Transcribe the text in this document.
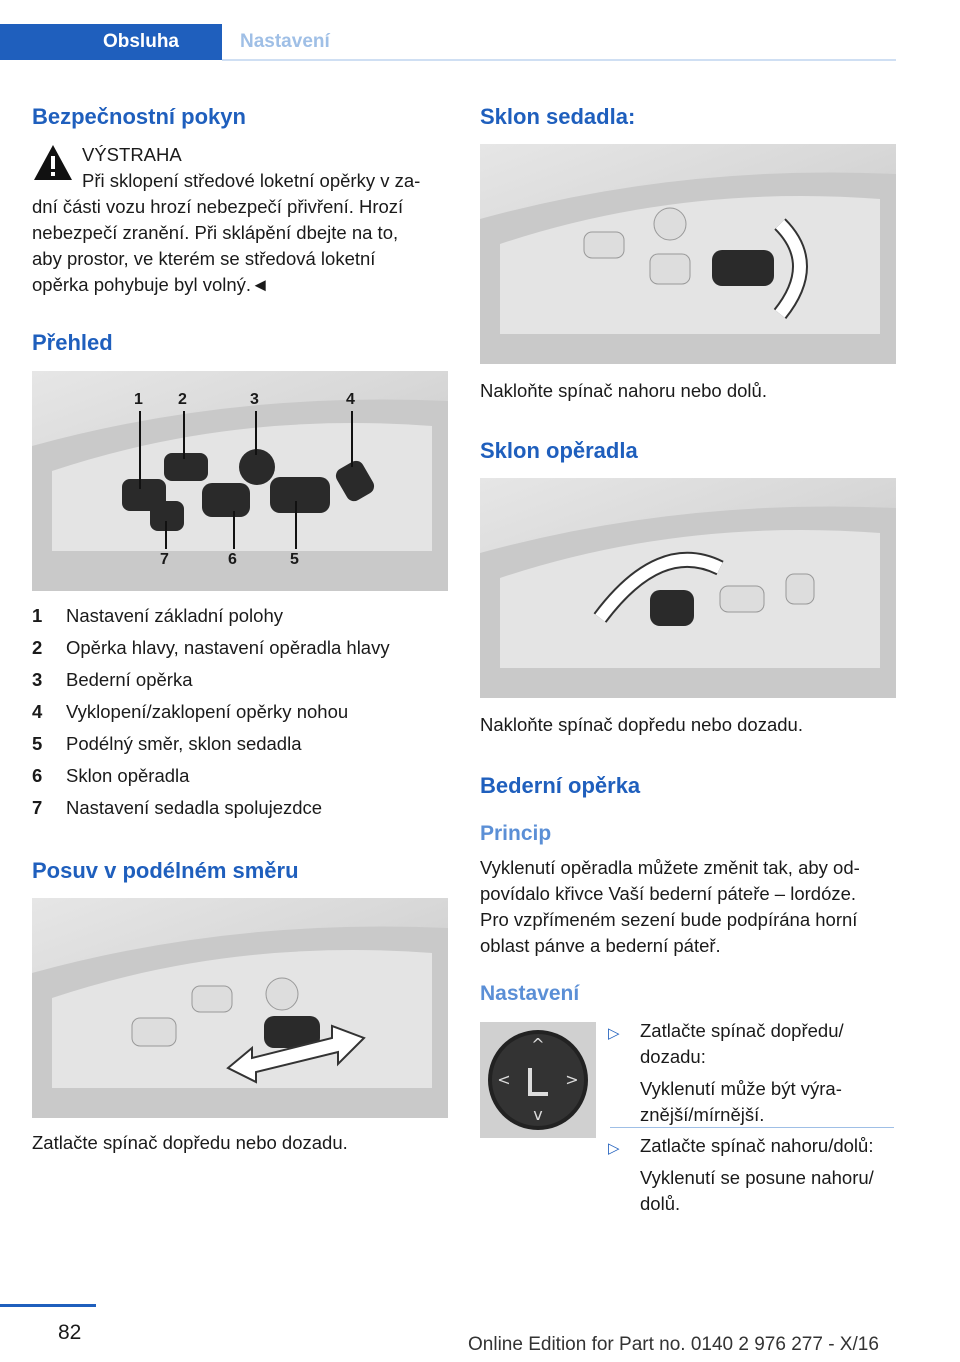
Obsluha	Nastavení
Bezpečnostní pokyn
VÝSTRAHA
Při sklopení středové loketní opěrky v za-
dní části vozu hrozí nebezpečí přivření. Hrozí
nebezpečí zranění. Při sklápění dbejte na to,
aby prostor, ve kterém se středová loketní
opěrka pohybuje byl volný.◄
Přehled
1 2	3	4
5
6
7
1 Nastavení základní polohy
2 Opěrka hlavy, nastavení opěradla hlavy
3 Bederní opěrka
4 Vyklopení/zaklopení opěrky nohou
5 Podélný směr, sklon sedadla
6 Sklon opěradla
7 Nastavení sedadla spolujezdce
Posuv v podélném směru
Zatlačte spínač dopředu nebo dozadu.
Sklon sedadla:
Nakloňte spínač nahoru nebo dolů.
Sklon opěradla
Nakloňte spínač dopředu nebo dozadu.
Bederní opěrka
Princip
Vyklenutí opěradla můžete změnit tak, aby od-
povídalo křivce Vaší bederní páteře – lordóze.
Pro vzpřímeném sezení bude podpírána horní
oblast pánve a bederní páteř.
Nastavení
^
<	>
v
▷ Zatlačte spínač dopředu/
dozadu:
Vyklenutí může být výra-
znější/mírnější.
▷ Zatlačte spínač nahoru/dolů:
Vyklenutí se posune nahoru/
dolů.
82
Online Edition for Part no. 0140 2 976 277 - X/16
